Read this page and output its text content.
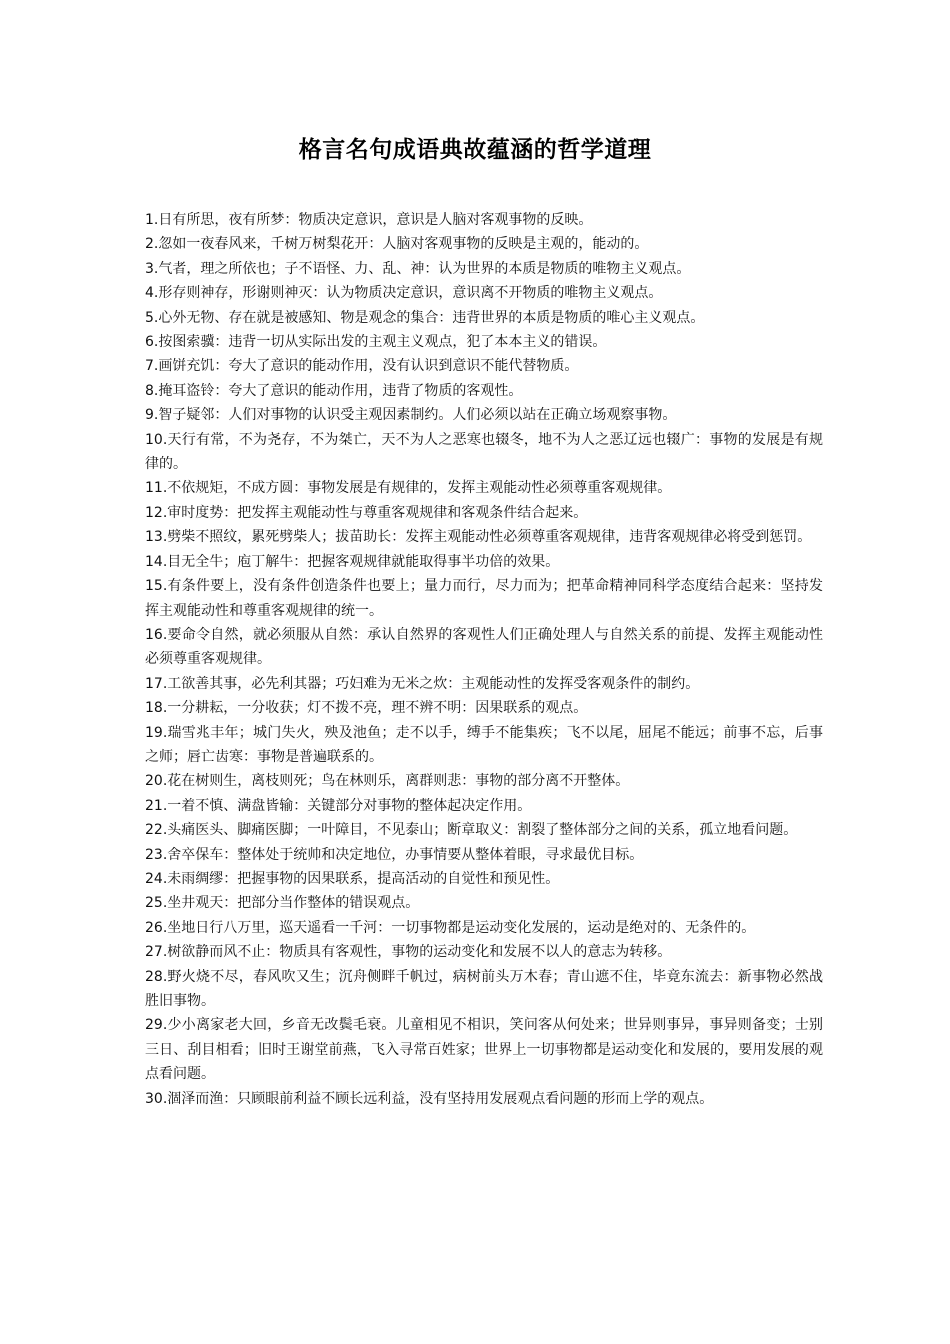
格言名句成语典故蕴涵的哲学道理

1.日有所思，夜有所梦：物质决定意识，意识是人脑对客观事物的反映。

2.忽如一夜春风来，千树万树梨花开：人脑对客观事物的反映是主观的，能动的。

3.气者，理之所依也；子不语怪、力、乱、神：认为世界的本质是物质的唯物主义观点。

4.形存则神存，形谢则神灭：认为物质决定意识，意识离不开物质的唯物主义观点。

5.心外无物、存在就是被感知、物是观念的集合：违背世界的本质是物质的唯心主义观点。

6.按图索骥：违背一切从实际出发的主观主义观点，犯了本本主义的错误。

7.画饼充饥：夸大了意识的能动作用，没有认识到意识不能代替物质。

8.掩耳盗铃：夸大了意识的能动作用，违背了物质的客观性。

9.智子疑邻：人们对事物的认识受主观因素制约。人们必须以站在正确立场观察事物。

10.天行有常，不为尧存，不为桀亡，天不为人之恶寒也辍冬，地不为人之恶辽远也辍广：事物的发展是有规律的。

11.不依规矩，不成方圆：事物发展是有规律的，发挥主观能动性必须尊重客观规律。

12.审时度势：把发挥主观能动性与尊重客观规律和客观条件结合起来。

13.劈柴不照纹，累死劈柴人；拔苗助长：发挥主观能动性必须尊重客观规律，违背客观规律必将受到惩罚。

14.目无全牛；庖丁解牛：把握客观规律就能取得事半功倍的效果。

15.有条件要上，没有条件创造条件也要上；量力而行，尽力而为；把革命精神同科学态度结合起来：坚持发挥主观能动性和尊重客观规律的统一。

16.要命令自然，就必须服从自然：承认自然界的客观性人们正确处理人与自然关系的前提、发挥主观能动性必须尊重客观规律。

17.工欲善其事，必先利其器；巧妇难为无米之炊：主观能动性的发挥受客观条件的制约。

18.一分耕耘，一分收获；灯不拨不亮，理不辨不明：因果联系的观点。

19.瑞雪兆丰年；城门失火，殃及池鱼；走不以手，缚手不能集疾；飞不以尾，屈尾不能远；前事不忘，后事之师；唇亡齿寒：事物是普遍联系的。

20.花在树则生，离枝则死；鸟在林则乐，离群则悲：事物的部分离不开整体。

21.一着不慎、满盘皆输：关键部分对事物的整体起决定作用。

22.头痛医头、脚痛医脚；一叶障目，不见泰山；断章取义：割裂了整体部分之间的关系，孤立地看问题。

23.舍卒保车：整体处于统帅和决定地位，办事情要从整体着眼，寻求最优目标。

24.未雨绸缪：把握事物的因果联系，提高活动的自觉性和预见性。

25.坐井观天：把部分当作整体的错误观点。

26.坐地日行八万里，巡天遥看一千河：一切事物都是运动变化发展的，运动是绝对的、无条件的。

27.树欲静而风不止：物质具有客观性，事物的运动变化和发展不以人的意志为转移。

28.野火烧不尽，春风吹又生；沉舟侧畔千帆过，病树前头万木春；青山遮不住，毕竟东流去：新事物必然战胜旧事物。

29.少小离家老大回，乡音无改鬓毛衰。儿童相见不相识，笑问客从何处来；世异则事异，事异则备变；士别三日、刮目相看；旧时王谢堂前燕，飞入寻常百姓家；世界上一切事物都是运动变化和发展的，要用发展的观点看问题。

30.涸泽而渔：只顾眼前利益不顾长远利益，没有坚持用发展观点看问题的形而上学的观点。
